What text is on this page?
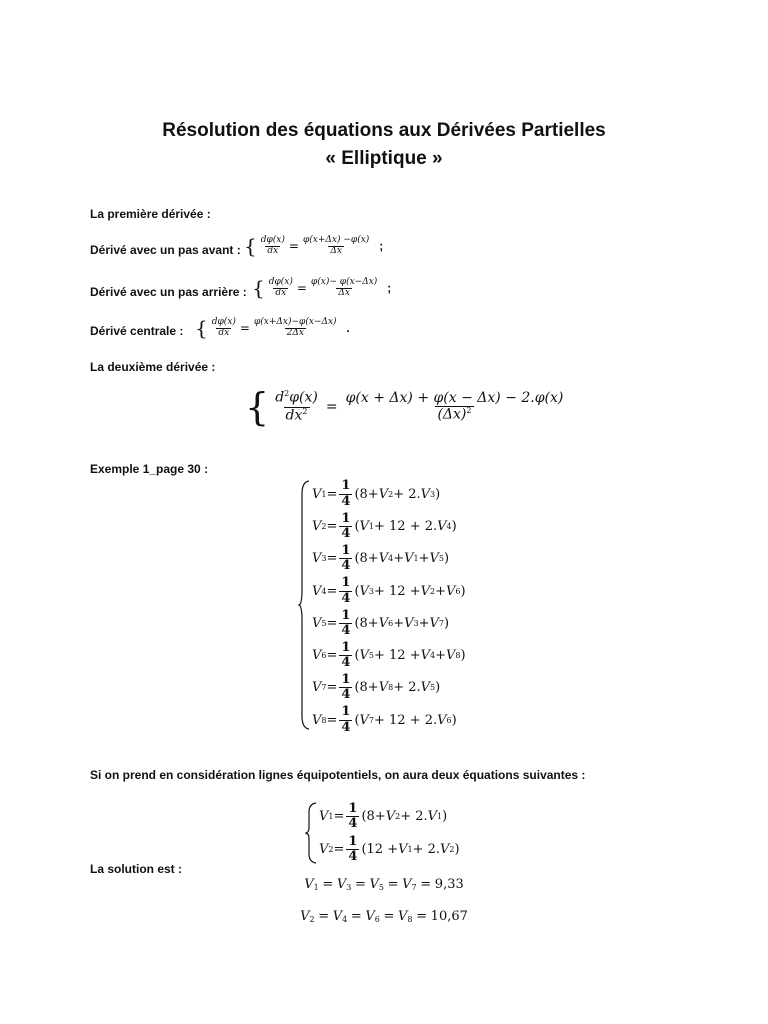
Résolution des équations aux Dérivées Partielles
« Elliptique »
La première dérivée :
Dérivé avec un pas avant : { $\frac{d\varphi(x)}{dx} = \frac{\varphi(x+\Delta x) -\varphi(x)}{\Delta x}$ ;
Dérivé avec un pas arrière : { $\frac{d\varphi(x)}{dx} = \frac{\varphi(x)- \varphi(x-\Delta x)}{\Delta x}$ ;
Dérivé centrale : { $\frac{d\varphi(x)}{dx} = \frac{\varphi(x+\Delta x)-\varphi(x-\Delta x)}{2\Delta x}$ .
La deuxième dérivée :
{ $\frac{d^2\varphi(x)}{dx^2} = \frac{\varphi(x + \Delta x) + \varphi(x - \Delta x) - 2.\varphi(x)}{(\Delta x)^2}$
Exemple 1_page 30 :
V $1 = \frac{1}{4}$ ( 8 + V 2 + 2. V 3 )
V $2 = \frac{1}{4}$ ( V 1 + 12 + 2. V 4 )
V $3 = \frac{1}{4}$ ( 8 + V 4 + V 1 + V 5 )
V $4 = \frac{1}{4}$ ( V 3 + 12 + V 2 + V 6 )
V $5 = \frac{1}{4}$ ( 8 + V 6 + V 3 + V 7 )
V $6 = \frac{1}{4}$ ( V 5 + 12 + V 4 + V 8 )
V $7 = \frac{1}{4}$ ( 8 + V 8 + 2. V 5 )
V $8 = \frac{1}{4}$ ( V 7 + 12 + 2. V 6 )
Si on prend en considération lignes équipotentiels, on aura deux équations suivantes :
V $1 = \frac{1}{4}$ ( 8 + V 2 + 2. V 1 )
V $2 = \frac{1}{4}$ ( 12 + V 1 + 2. V 2 )
La solution est :
$V_1 = V_3 = V_5 = V_7 = 9,33$
$V_2 = V_4 = V_6 = V_8 = 10,67$
